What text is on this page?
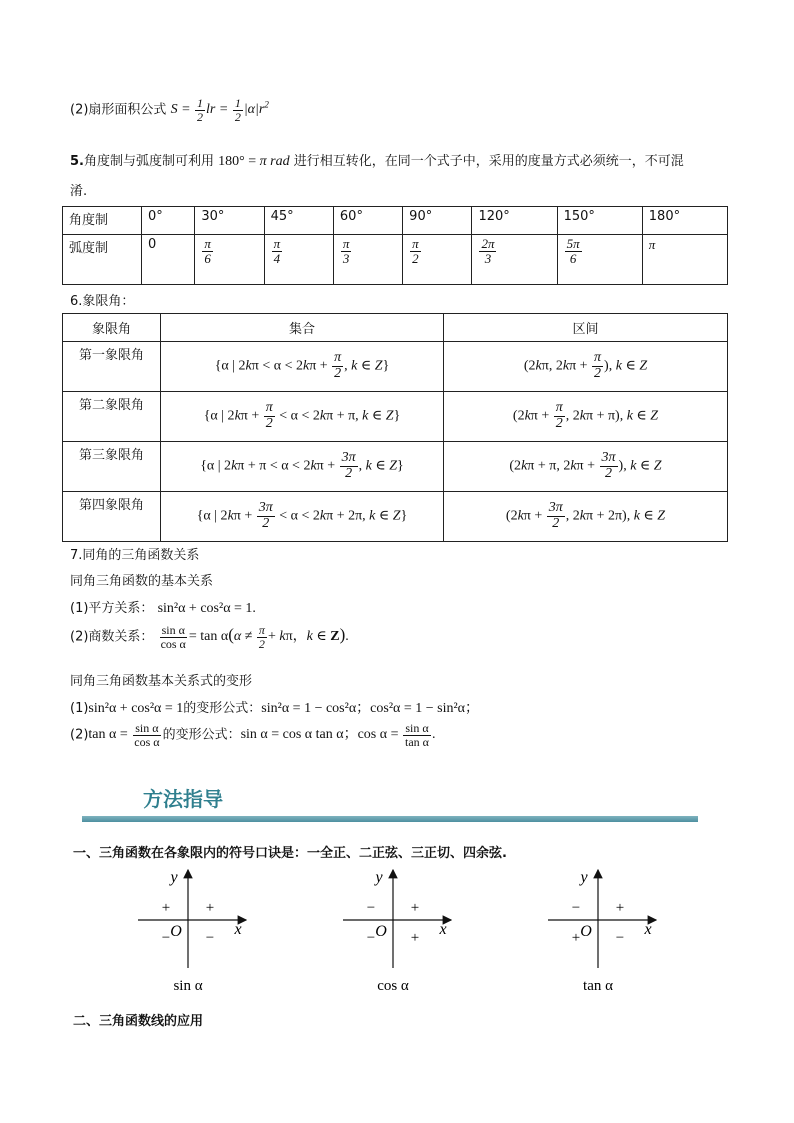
(2)扇形面积公式 $S = \frac{1}{2}$ lr = $\frac{1}{2} |\alpha|r^2$
5.角度制与弧度制可利用 180° = π rad 进行相互转化，在同一个式子中，采用的度量方式必须统一，不可混
淆.
角度制	0°	30°	45°	60°	90°	120°	150°	180°
弧度制	0	$\frac{\pi}{6}$	$\frac{\pi}{4}$	$\frac{\pi}{3}$	$\frac{\pi}{2}$	$\frac{2\pi}{3}$	$\frac{5\pi}{6}$	π
6.象限角：
象限角	集合	区间
第一象限角	{α | $2k\pi < \alpha < 2k\pi + \frac{\pi}{2}$ , k ∈ Z}	(2kπ, $2k\pi + \frac{\pi}{2}$ ), k ∈ Z
第二象限角	{α | $2k\pi + \frac{\pi}{2} < \alpha < 2k\pi + \pi$, k ∈ Z}	($2k\pi + \frac{\pi}{2}$ , 2kπ + π), k ∈ Z
第三象限角	{α | $2k\pi + \pi < \alpha < 2k\pi + \frac{3\pi}{2}$ , k ∈ Z}	(2kπ + π, $2k\pi + \frac{3\pi}{2}$ ), k ∈ Z
第四象限角	{α | $2k\pi + \frac{3\pi}{2} < \alpha < 2k\pi + 2\pi$, k ∈ Z}	($2k\pi + \frac{3\pi}{2}$ , 2kπ + 2π), k ∈ Z
7.同角的三角函数关系
同角三角函数的基本关系
(1)平方关系： sin²α + cos²α = 1.
(2)商数关系： $\frac{\text{sin α}}{\text{cos α}} = \tan \alpha(\alpha \ne \frac{\pi}{2} + k\pi$，k ∈ Z).
同角三角函数基本关系式的变形
(1)sin²α + cos²α = 1的变形公式：sin²α = 1 − cos²α；cos²α = 1 − sin²α；
(2)tan $\alpha = \frac{\text{sin α}}{\text{cos α}}$ 的变形公式：sin α = cos α tan α；$\cos \alpha = \frac{\text{sin α}}{\text{tan α}}$ .
方法指导
一、三角函数在各象限内的符号口诀是：一全正、二正弦、三正切、四余弦.
y
x
O
+ +
− −
sin α
y
x
O
− +
− +
cos α
y
x
O
− +
+ −
tan α
二、三角函数线的应用
